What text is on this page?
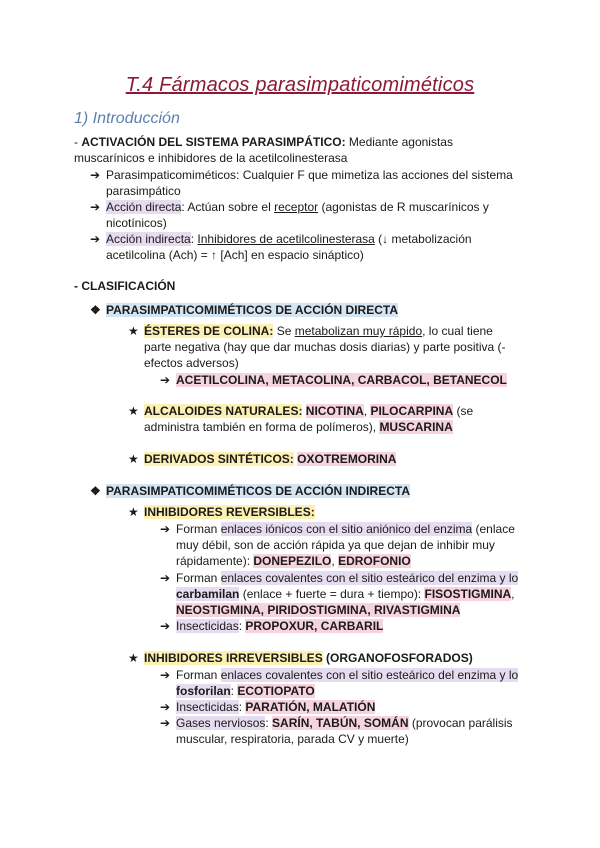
T.4 Fármacos parasimpaticomiméticos
1) Introducción
- ACTIVACIÓN DEL SISTEMA PARASIMPÁTICO: Mediante agonistas
muscarínicos e inhibidores de la acetilcolinesterasa
➔ Parasimpaticomiméticos: Cualquier F que mimetiza las acciones del sistema
parasimpático
➔ Acción directa: Actúan sobre el receptor (agonistas de R muscarínicos y
nicotínicos)
➔ Acción indirecta: Inhibidores de acetilcolinesterasa (↓ metabolización
acetilcolina (Ach) = ↑ [Ach] en espacio sináptico)
- CLASIFICACIÓN
❖ PARASIMPATICOMIMÉTICOS DE ACCIÓN DIRECTA
★ ÉSTERES DE COLINA: Se metabolizan muy rápido, lo cual tiene
parte negativa (hay que dar muchas dosis diarias) y parte positiva (-
efectos adversos)
➔ ACETILCOLINA, METACOLINA, CARBACOL, BETANECOL
★ ALCALOIDES NATURALES: NICOTINA, PILOCARPINA (se
administra también en forma de polímeros), MUSCARINA
★ DERIVADOS SINTÉTICOS: OXOTREMORINA
❖ PARASIMPATICOMIMÉTICOS DE ACCIÓN INDIRECTA
★ INHIBIDORES REVERSIBLES:
➔ Forman enlaces iónicos con el sitio aniónico del enzima (enlace
muy débil, son de acción rápida ya que dejan de inhibir muy
rápidamente): DONEPEZILO, EDROFONIO
➔ Forman enlaces covalentes con el sitio esteárico del enzima y lo
carbamilan (enlace + fuerte = dura + tiempo): FISOSTIGMINA,
NEOSTIGMINA, PIRIDOSTIGMINA, RIVASTIGMINA
➔ Insecticidas: PROPOXUR, CARBARIL
★ INHIBIDORES IRREVERSIBLES (ORGANOFOSFORADOS)
➔ Forman enlaces covalentes con el sitio esteárico del enzima y lo
fosforilan: ECOTIOPATO
➔ Insecticidas: PARATIÓN, MALATIÓN
➔ Gases nerviosos: SARÍN, TABÚN, SOMÁN (provocan parálisis
muscular, respiratoria, parada CV y muerte)
